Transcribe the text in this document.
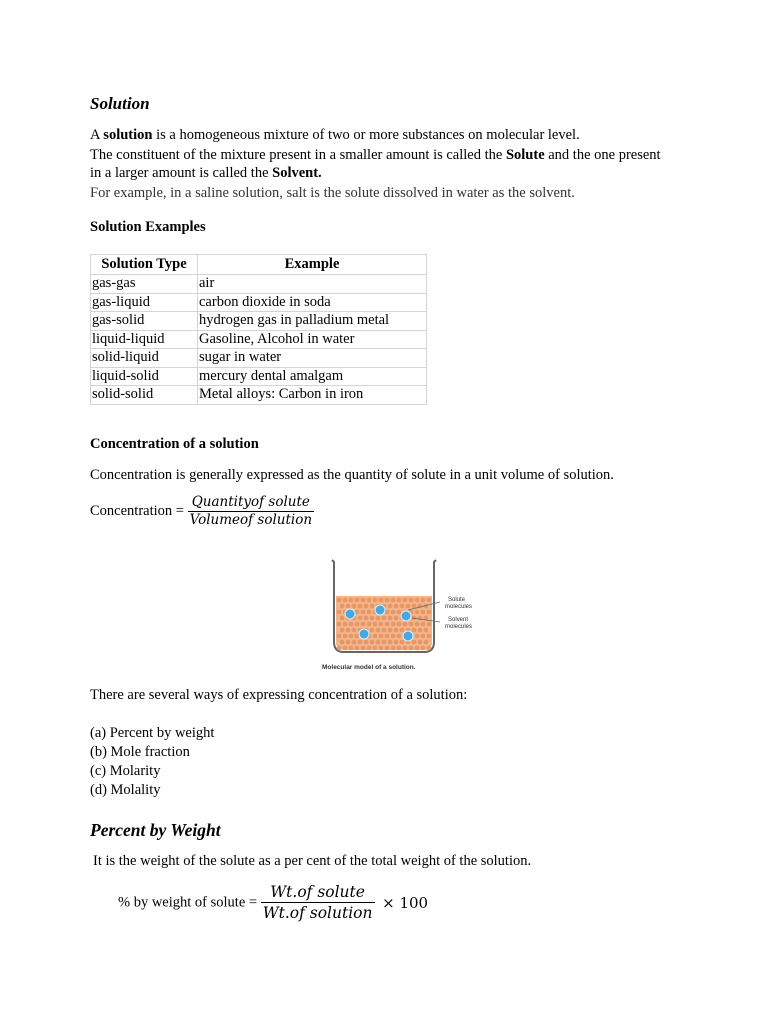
Solution
A solution is a homogeneous mixture of two or more substances on molecular level.
The constituent of the mixture present in a smaller amount is called the Solute and the one present
in a larger amount is called the Solvent.
For example, in a saline solution, salt is the solute dissolved in water as the solvent.
Solution Examples
Solution Type	Example
gas-gas	air
gas-liquid	carbon dioxide in soda
gas-solid	hydrogen gas in palladium metal
liquid-liquid	Gasoline, Alcohol in water
solid-liquid	sugar in water
liquid-solid	mercury dental amalgam
solid-solid	Metal alloys: Carbon in iron
Concentration of a solution
Concentration is generally expressed as the quantity of solute in a unit volume of solution.
Concentration = $\frac{\text{Quantityof solute}}{\text{Volumeof solution}}$
Solute
molecules
Solvent
molecules
Molecular model of a solution.
There are several ways of expressing concentration of a solution:
(a) Percent by weight
(b) Mole fraction
(c) Molarity
(d) Molality
Percent by Weight
It is the weight of the solute as a per cent of the total weight of the solution.
% by weight of solute = $\frac{\text{Wt.of solute}}{\text{Wt.of solution}} \times 100$
